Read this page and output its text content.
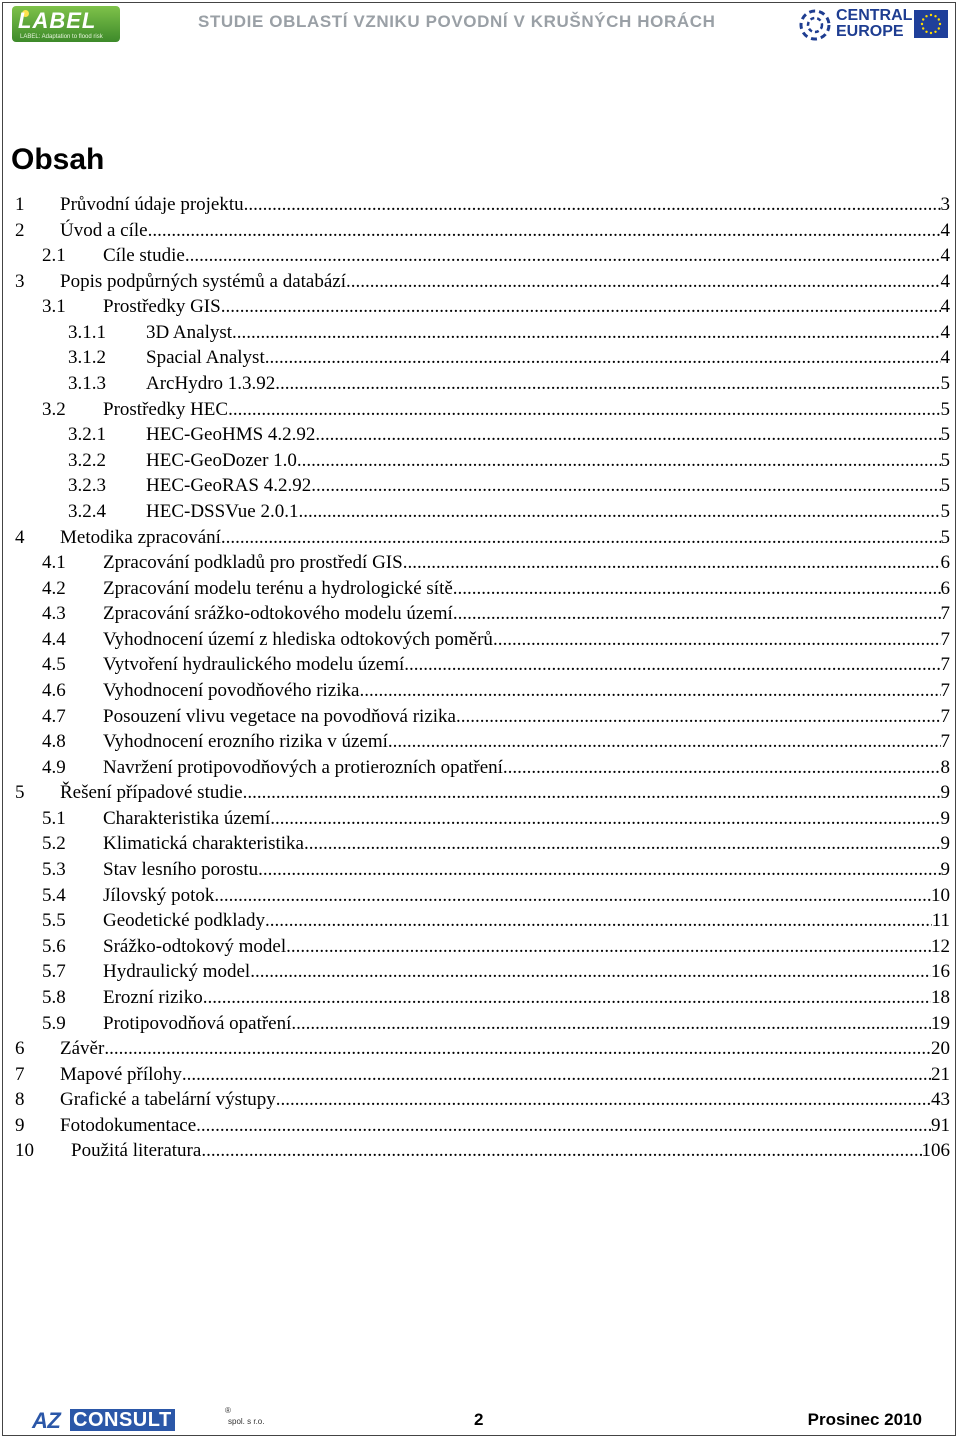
LABEL
LABEL: Adaptation to flood risk
STUDIE OBLASTÍ VZNIKU POVODNÍ V KRUŠNÝCH HORÁCH	CENTRAL
EUROPE
Obsah
1 Průvodní údaje projektu .....	3
2 Úvod a cíle .....	4
2.1 Cíle studie .....	4
3 Popis podpůrných systémů a databází .....	4
3.1 Prostředky GIS .....	4
3.1.1 3D Analyst .....	4
3.1.2 Spacial Analyst .....	4
3.1.3 ArcHydro 1.3.92 .....	5
3.2 Prostředky HEC .....	5
3.2.1 HEC-GeoHMS 4.2.92 .....	5
3.2.2 HEC-GeoDozer 1.0 .....	5
3.2.3 HEC-GeoRAS 4.2.92 .....	5
3.2.4 HEC-DSSVue 2.0.1 .....	5
4 Metodika zpracování .....	5
4.1 Zpracování podkladů pro prostředí GIS .....	6
4.2 Zpracování modelu terénu a hydrologické sítě .....	6
4.3 Zpracování srážko-odtokového modelu území .....	7
4.4 Vyhodnocení území z hlediska odtokových poměrů .....	7
4.5 Vytvoření hydraulického modelu území .....	7
4.6 Vyhodnocení povodňového rizika .....	7
4.7 Posouzení vlivu vegetace na povodňová rizika .....	7
4.8 Vyhodnocení erozního rizika v území .....	7
4.9 Navržení protipovodňových a protierozních opatření .....	8
5 Řešení případové studie .....	9
5.1 Charakteristika území .....	9
5.2 Klimatická charakteristika .....	9
5.3 Stav lesního porostu .....	9
5.4 Jílovský potok .....	10
5.5 Geodetické podklady .....	11
5.6 Srážko-odtokový model .....	12
5.7 Hydraulický model .....	16
5.8 Erozní riziko .....	18
5.9 Protipovodňová opatření .....	19
6 Závěr .....	20
7 Mapové přílohy .....	21
8 Grafické a tabelární výstupy .....	43
9 Fotodokumentace .....	91
10 Použitá literatura .....	106
AZ CONSULT	®
spol. s r.o.	2	Prosinec 2010
